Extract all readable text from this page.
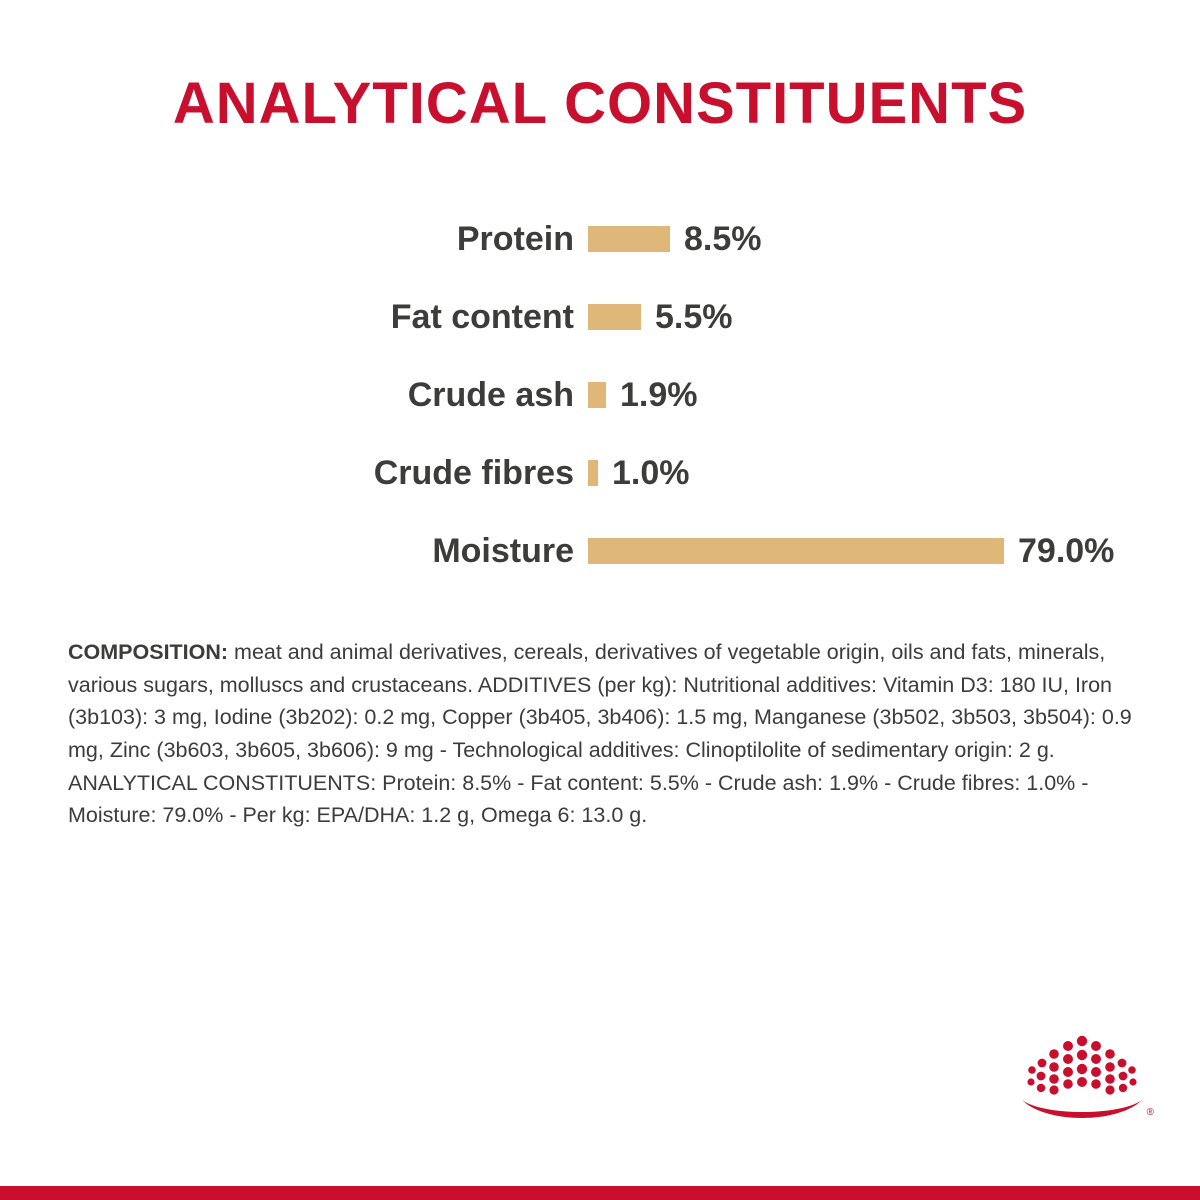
ANALYTICAL CONSTITUENTS
Protein	8.5%
Fat content	5.5%
Crude ash	1.9%
Crude fibres	1.0%
Moisture	79.0%
COMPOSITION: meat and animal derivatives, cereals, derivatives of vegetable origin, oils and fats, minerals, various sugars, molluscs and crustaceans. ADDITIVES (per kg): Nutritional additives: Vitamin D3: 180 IU, Iron (3b103): 3 mg, Iodine (3b202): 0.2 mg, Copper (3b405, 3b406): 1.5 mg, Manganese (3b502, 3b503, 3b504): 0.9 mg, Zinc (3b603, 3b605, 3b606): 9 mg - Technological additives: Clinoptilolite of sedimentary origin: 2 g. ANALYTICAL CONSTITUENTS: Protein: 8.5% - Fat content: 5.5% - Crude ash: 1.9% - Crude fibres: 1.0% - Moisture: 79.0% - Per kg: EPA/DHA: 1.2 g, Omega 6: 13.0 g.
®
